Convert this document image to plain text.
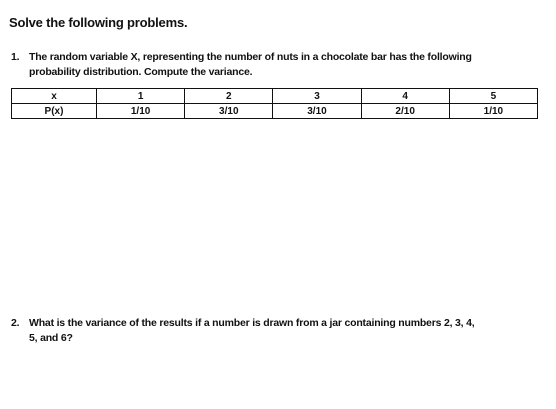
Solve the following problems.
1. The random variable X, representing the number of nuts in a chocolate bar has the following
probability distribution. Compute the variance.
x	1	2	3	4	5
P(x)	1/10	3/10	3/10	2/10	1/10
2. What is the variance of the results if a number is drawn from a jar containing numbers 2, 3, 4,
5, and 6?
